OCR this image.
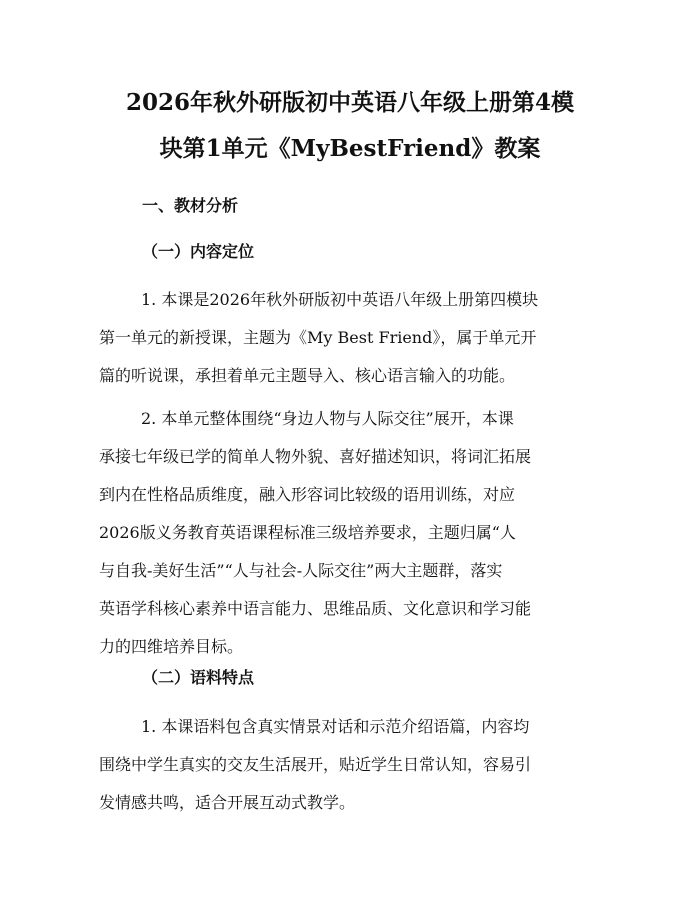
2026年秋外研版初中英语八年级上册第4模
块第1单元《MyBestFriend》教案
一、教材分析
（一）内容定位

1. 本课是2026年秋外研版初中英语八年级上册第四模块
第一单元的新授课，主题为《My Best Friend》，属于单元开
篇的听说课，承担着单元主题导入、核心语言输入的功能。

2. 本单元整体围绕“身边人物与人际交往”展开，本课
承接七年级已学的简单人物外貌、喜好描述知识，将词汇拓展
到内在性格品质维度，融入形容词比较级的语用训练，对应
2026版义务教育英语课程标准三级培养要求，主题归属“人
与自我-美好生活”“人与社会-人际交往”两大主题群，落实
英语学科核心素养中语言能力、思维品质、文化意识和学习能
力的四维培养目标。

（二）语料特点

1. 本课语料包含真实情景对话和示范介绍语篇，内容均
围绕中学生真实的交友生活展开，贴近学生日常认知，容易引
发情感共鸣，适合开展互动式教学。
